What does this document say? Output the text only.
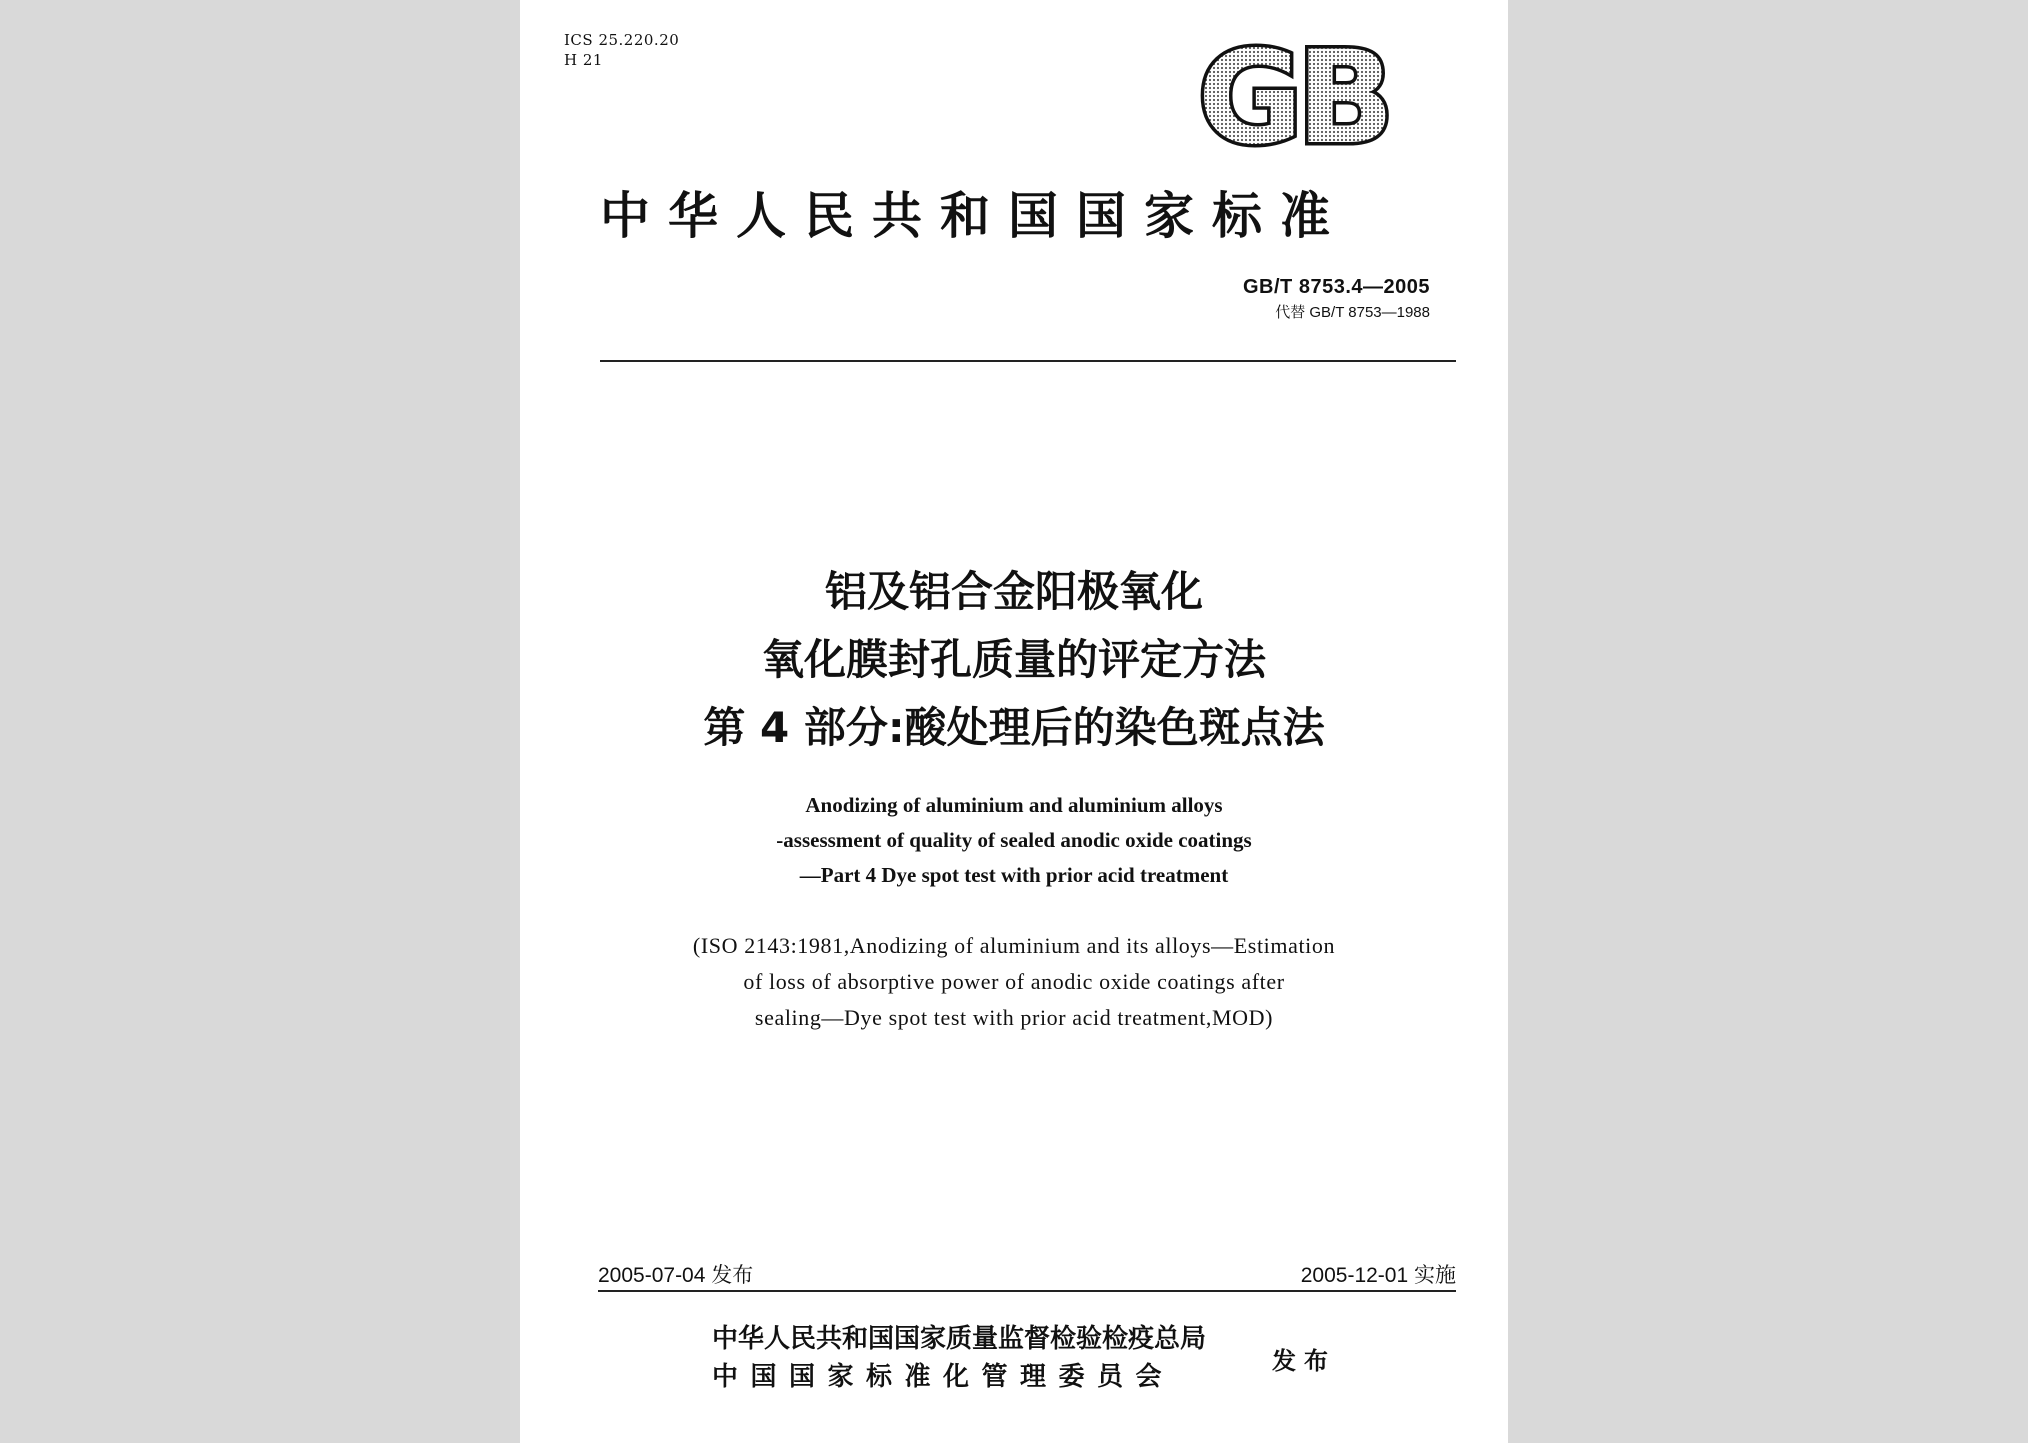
ICS 25.220.20
H 21	GB
中华人民共和国国家标准
GB/T 8753.4—2005
代替 GB/T 8753—1988
铝及铝合金阳极氧化
氧化膜封孔质量的评定方法
第 4 部分:酸处理后的染色斑点法
Anodizing of aluminium and aluminium alloys
-assessment of quality of sealed anodic oxide coatings
—Part 4 Dye spot test with prior acid treatment
(ISO 2143:1981,Anodizing of aluminium and its alloys—Estimation
of loss of absorptive power of anodic oxide coatings after
sealing—Dye spot test with prior acid treatment,MOD)
2005-07-04 发布	2005-12-01 实施
中华人民共和国国家质量监督检验检疫总局
中国国家标准化管理委员会
发布
